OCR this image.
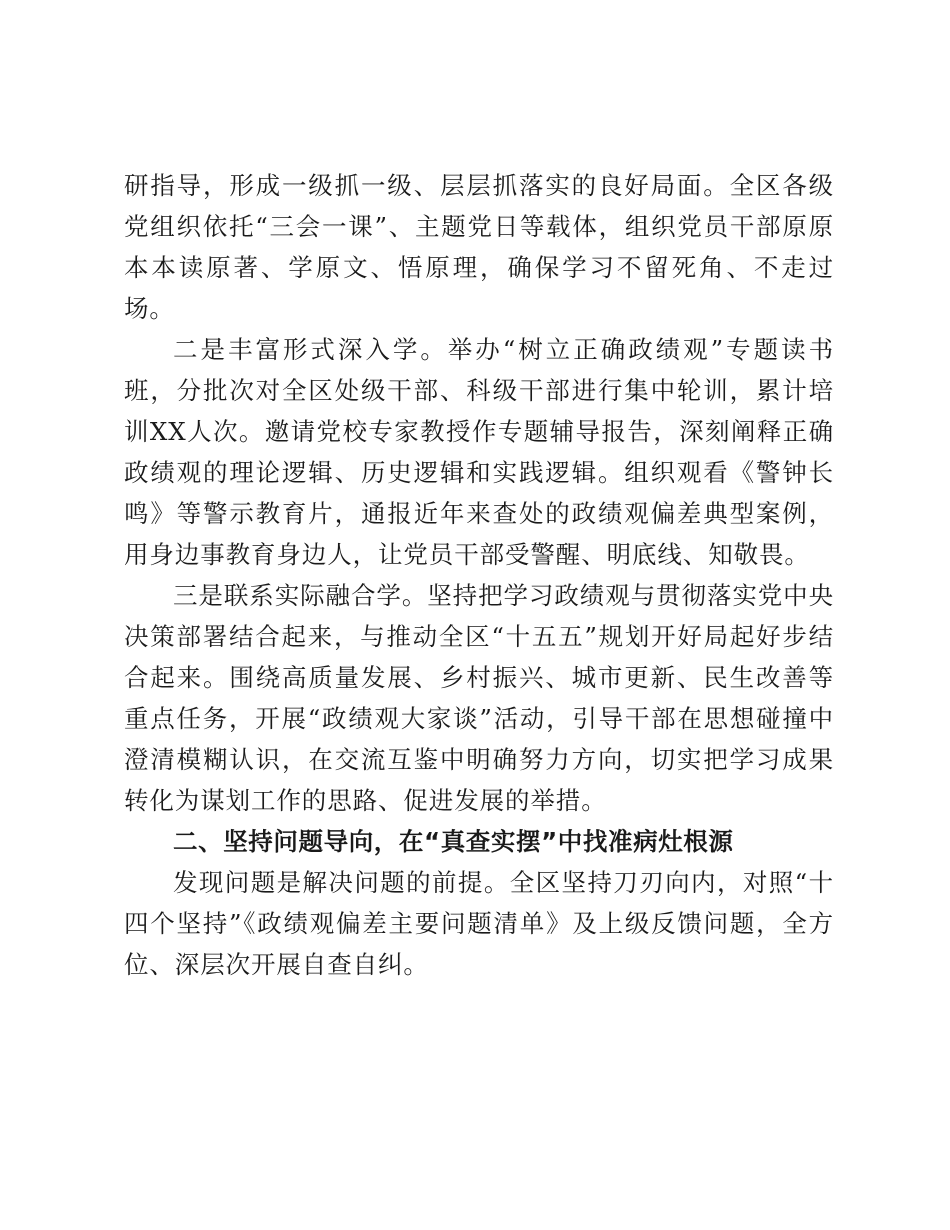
研指导，形成一级抓一级、层层抓落实的良好局面。全区各级党组织依托“三会一课”、主题党日等载体，组织党员干部原原本本读原著、学原文、悟原理，确保学习不留死角、不走过场。

二是丰富形式深入学。举办“树立正确政绩观”专题读书班，分批次对全区处级干部、科级干部进行集中轮训，累计培训XX人次。邀请党校专家教授作专题辅导报告，深刻阐释正确政绩观的理论逻辑、历史逻辑和实践逻辑。组织观看《警钟长鸣》等警示教育片，通报近年来查处的政绩观偏差典型案例，用身边事教育身边人，让党员干部受警醒、明底线、知敬畏。

三是联系实际融合学。坚持把学习政绩观与贯彻落实党中央决策部署结合起来，与推动全区“十五五”规划开好局起好步结合起来。围绕高质量发展、乡村振兴、城市更新、民生改善等重点任务，开展“政绩观大家谈”活动，引导干部在思想碰撞中澄清模糊认识，在交流互鉴中明确努力方向，切实把学习成果转化为谋划工作的思路、促进发展的举措。

二、坚持问题导向，在“真查实摆”中找准病灶根源

发现问题是解决问题的前提。全区坚持刀刃向内，对照“十四个坚持”《政绩观偏差主要问题清单》及上级反馈问题，全方位、深层次开展自查自纠。
